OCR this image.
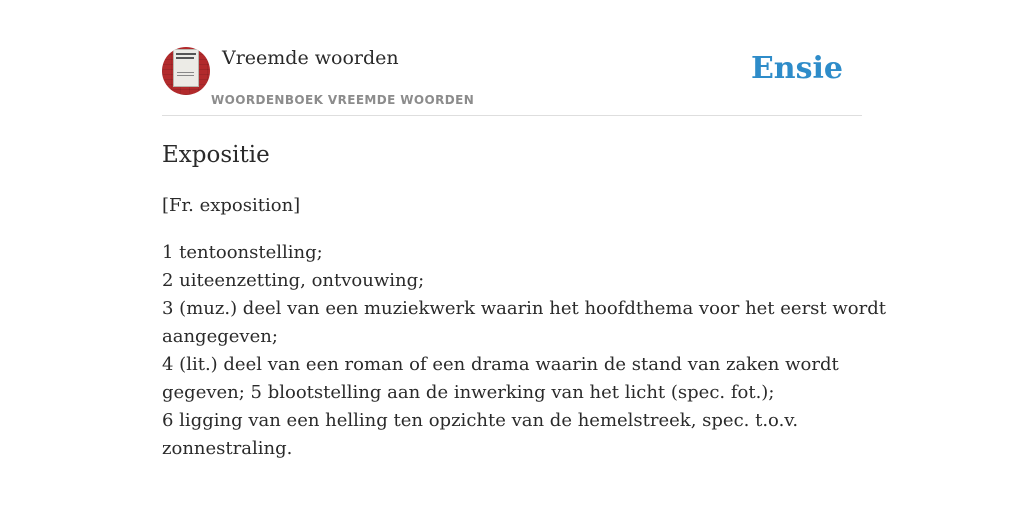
Vreemde woorden
WOORDENBOEK VREEMDE WOORDEN
Ensie
Expositie
[Fr. exposition]
1 tentoonstelling;
2 uiteenzetting, ontvouwing;
3 (muz.) deel van een muziekwerk waarin het hoofdthema voor het eerst wordt
aangegeven;
4 (lit.) deel van een roman of een drama waarin de stand van zaken wordt
gegeven; 5 blootstelling aan de inwerking van het licht (spec. fot.);
6 ligging van een helling ten opzichte van de hemelstreek, spec. t.o.v.
zonnestraling.
